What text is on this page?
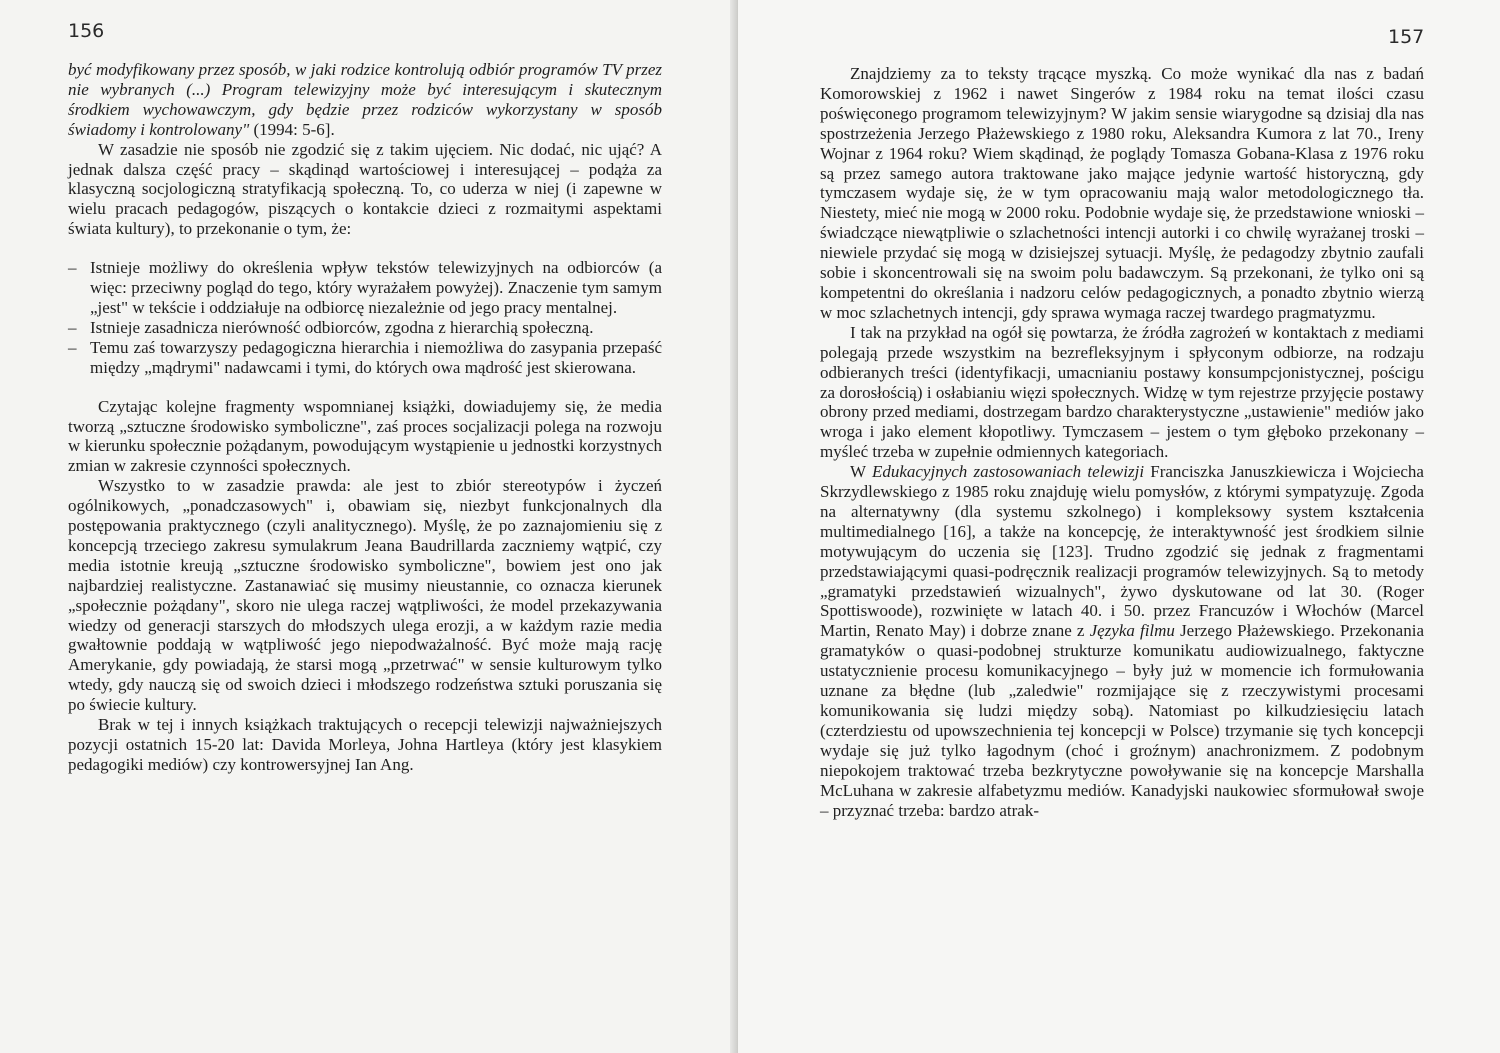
156

być modyfikowany przez sposób, w jaki rodzice kontrolują odbiór programów TV przez nie wybranych (...) Program telewizyjny może być interesującym i skutecznym środkiem wychowawczym, gdy będzie przez rodziców wykorzystany w sposób świadomy i kontrolowany" (1994: 5-6].

W zasadzie nie sposób nie zgodzić się z takim ujęciem. Nic dodać, nic ująć? A jednak dalsza część pracy – skądinąd wartościowej i interesującej – podąża za klasyczną socjologiczną stratyfikacją społeczną. To, co uderza w niej (i zapewne w wielu pracach pedagogów, piszących o kontakcie dzieci z rozmaitymi aspektami świata kultury), to przekonanie o tym, że:

– Istnieje możliwy do określenia wpływ tekstów telewizyjnych na odbiorców (a więc: przeciwny pogląd do tego, który wyrażałem powyżej). Znaczenie tym samym „jest" w tekście i oddziałuje na odbiorcę niezależnie od jego pracy mentalnej.
– Istnieje zasadnicza nierówność odbiorców, zgodna z hierarchią społeczną.
– Temu zaś towarzyszy pedagogiczna hierarchia i niemożliwa do zasypania przepaść między „mądrymi" nadawcami i tymi, do których owa mądrość jest skierowana.

Czytając kolejne fragmenty wspomnianej książki, dowiadujemy się, że media tworzą „sztuczne środowisko symboliczne", zaś proces socjalizacji polega na rozwoju w kierunku społecznie pożądanym, powodującym wystąpienie u jednostki korzystnych zmian w zakresie czynności społecznych.

Wszystko to w zasadzie prawda: ale jest to zbiór stereotypów i życzeń ogólnikowych, „ponadczasowych" i, obawiam się, niezbyt funkcjonalnych dla postępowania praktycznego (czyli analitycznego). Myślę, że po zaznajomieniu się z koncepcją trzeciego zakresu symulakrum Jeana Baudrillarda zaczniemy wątpić, czy media istotnie kreują „sztuczne środowisko symboliczne", bowiem jest ono jak najbardziej realistyczne. Zastanawiać się musimy nieustannie, co oznacza kierunek „społecznie pożądany", skoro nie ulega raczej wątpliwości, że model przekazywania wiedzy od generacji starszych do młodszych ulega erozji, a w każdym razie media gwałtownie poddają w wątpliwość jego niepodważalność. Być może mają rację Amerykanie, gdy powiadają, że starsi mogą „przetrwać" w sensie kulturowym tylko wtedy, gdy nauczą się od swoich dzieci i młodszego rodzeństwa sztuki poruszania się po świecie kultury.

Brak w tej i innych książkach traktujących o recepcji telewizji najważniejszych pozycji ostatnich 15-20 lat: Davida Morleya, Johna Hartleya (który jest klasykiem pedagogiki mediów) czy kontrowersyjnej Ian Ang.

157

Znajdziemy za to teksty trącące myszką. Co może wynikać dla nas z badań Komorowskiej z 1962 i nawet Singerów z 1984 roku na temat ilości czasu poświęconego programom telewizyjnym? W jakim sensie wiarygodne są dzisiaj dla nas spostrzeżenia Jerzego Płażewskiego z 1980 roku, Aleksandra Kumora z lat 70., Ireny Wojnar z 1964 roku? Wiem skądinąd, że poglądy Tomasza Gobana-Klasa z 1976 roku są przez samego autora traktowane jako mające jedynie wartość historyczną, gdy tymczasem wydaje się, że w tym opracowaniu mają walor metodologicznego tła. Niestety, mieć nie mogą w 2000 roku. Podobnie wydaje się, że przedstawione wnioski – świadczące niewątpliwie o szlachetności intencji autorki i co chwilę wyrażanej troski – niewiele przydać się mogą w dzisiejszej sytuacji. Myślę, że pedagodzy zbytnio zaufali sobie i skoncentrowali się na swoim polu badawczym. Są przekonani, że tylko oni są kompetentni do określania i nadzoru celów pedagogicznych, a ponadto zbytnio wierzą w moc szlachetnych intencji, gdy sprawa wymaga raczej twardego pragmatyzmu.

I tak na przykład na ogół się powtarza, że źródła zagrożeń w kontaktach z mediami polegają przede wszystkim na bezrefleksyjnym i spłyconym odbiorze, na rodzaju odbieranych treści (identyfikacji, umacnianiu postawy konsumpcjonistycznej, pościgu za dorosłością) i osłabianiu więzi społecznych. Widzę w tym rejestrze przyjęcie postawy obrony przed mediami, dostrzegam bardzo charakterystyczne „ustawienie" mediów jako wroga i jako element kłopotliwy. Tymczasem – jestem o tym głęboko przekonany – myśleć trzeba w zupełnie odmiennych kategoriach.

W Edukacyjnych zastosowaniach telewizji Franciszka Januszkiewicza i Wojciecha Skrzydlewskiego z 1985 roku znajduję wielu pomysłów, z którymi sympatyzuję. Zgoda na alternatywny (dla systemu szkolnego) i kompleksowy system kształcenia multimedialnego [16], a także na koncepcję, że interaktywność jest środkiem silnie motywującym do uczenia się [123]. Trudno zgodzić się jednak z fragmentami przedstawiającymi quasi-podręcznik realizacji programów telewizyjnych. Są to metody „gramatyki przedstawień wizualnych", żywo dyskutowane od lat 30. (Roger Spottiswoode), rozwinięte w latach 40. i 50. przez Francuzów i Włochów (Marcel Martin, Renato May) i dobrze znane z Języka filmu Jerzego Płażewskiego. Przekonania gramatyków o quasi-podobnej strukturze komunikatu audiowizualnego, faktyczne ustatycznienie procesu komunikacyjnego – były już w momencie ich formułowania uznane za błędne (lub „zaledwie" rozmijające się z rzeczywistymi procesami komunikowania się ludzi między sobą). Natomiast po kilkudziesięciu latach (czterdziestu od upowszechnienia tej koncepcji w Polsce) trzymanie się tych koncepcji wydaje się już tylko łagodnym (choć i groźnym) anachronizmem. Z podobnym niepokojem traktować trzeba bezkrytyczne powoływanie się na koncepcje Marshalla McLuhana w zakresie alfabetyzmu mediów. Kanadyjski naukowiec sformułował swoje – przyznać trzeba: bardzo atrak-
